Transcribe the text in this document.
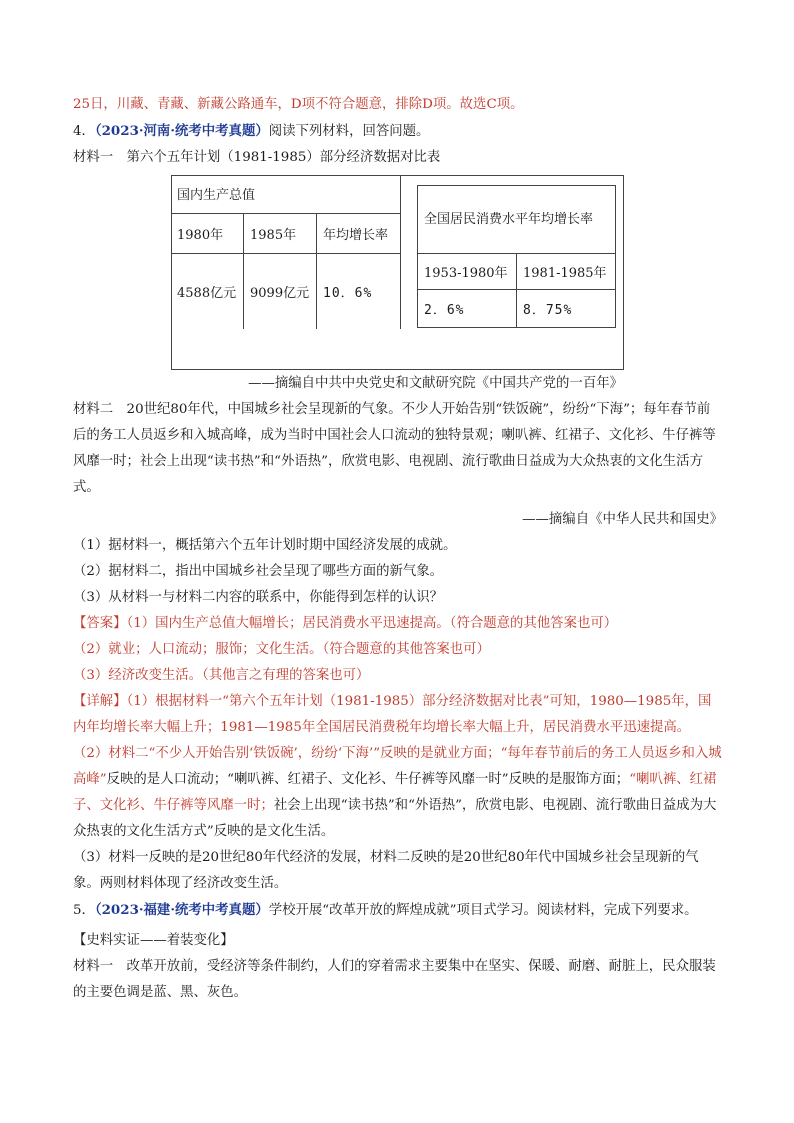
25日，川藏、青藏、新藏公路通车，D项不符合题意，排除D项。故选C项。

4．（2023·河南·统考中考真题）阅读下列材料，回答问题。

材料一　第六个五年计划（1981-1985）部分经济数据对比表

国内生产总值		
1980年	1985年	年均增长率
4588亿元	9099亿元	10．6%
全国居民消费水平年均增长率	
1953-1980年	1981-1985年
2．6%	8．75%

——摘编自中共中央党史和文献研究院《中国共产党的一百年》

材料二　20世纪80年代，中国城乡社会呈现新的气象。不少人开始告别“铁饭碗”，纷纷“下海”；每年春节前后的务工人员返乡和入城高峰，成为当时中国社会人口流动的独特景观；喇叭裤、红裙子、文化衫、牛仔裤等风靡一时；社会上出现“读书热”和“外语热”，欣赏电影、电视剧、流行歌曲日益成为大众热衷的文化生活方式。

——摘编自《中华人民共和国史》

（1）据材料一，概括第六个五年计划时期中国经济发展的成就。

（2）据材料二，指出中国城乡社会呈现了哪些方面的新气象。

（3）从材料一与材料二内容的联系中，你能得到怎样的认识？

【答案】（1）国内生产总值大幅增长；居民消费水平迅速提高。（符合题意的其他答案也可）

（2）就业；人口流动；服饰；文化生活。（符合题意的其他答案也可）

（3）经济改变生活。（其他言之有理的答案也可）

【详解】（1）根据材料一“第六个五年计划（1981-1985）部分经济数据对比表”可知，1980—1985年，国内年均增长率大幅上升；1981—1985年全国居民消费税年均增长率大幅上升，居民消费水平迅速提高。

（2）材料二“不少人开始告别‘铁饭碗’，纷纷‘下海’”反映的是就业方面；“每年春节前后的务工人员返乡和入城高峰”反映的是人口流动；“喇叭裤、红裙子、文化衫、牛仔裤等风靡一时”反映的是服饰方面；“喇叭裤、红裙子、文化衫、牛仔裤等风靡一时；社会上出现“读书热”和“外语热”，欣赏电影、电视剧、流行歌曲日益成为大众热衷的文化生活方式”反映的是文化生活。

（3）材料一反映的是20世纪80年代经济的发展，材料二反映的是20世纪80年代中国城乡社会呈现新的气象。两则材料体现了经济改变生活。

5．（2023·福建·统考中考真题）学校开展“改革开放的辉煌成就”项目式学习。阅读材料，完成下列要求。

【史料实证——着装变化】

材料一　改革开放前，受经济等条件制约，人们的穿着需求主要集中在坚实、保暖、耐磨、耐脏上，民众服装的主要色调是蓝、黑、灰色。
